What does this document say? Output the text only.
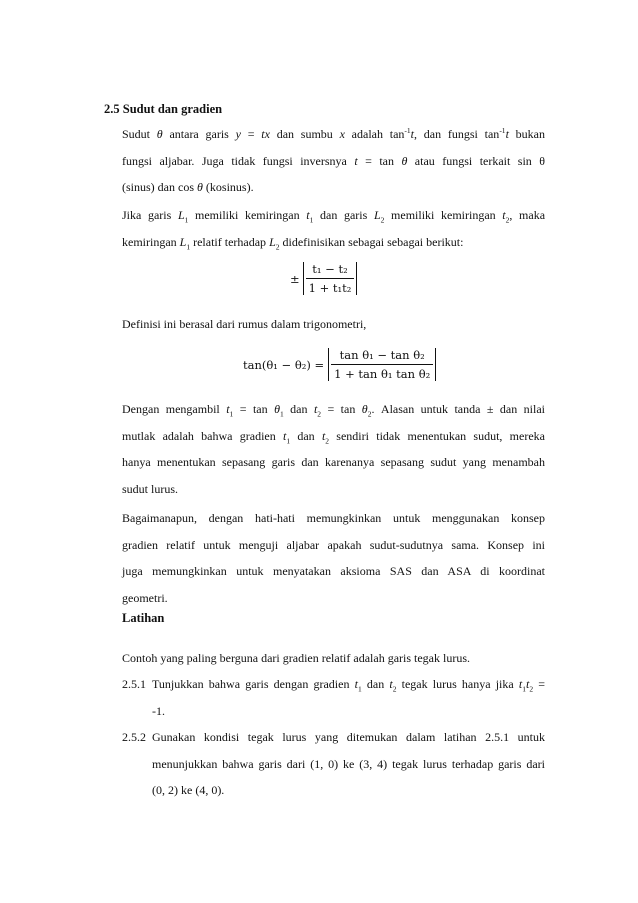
2.5 Sudut dan gradien
Sudut θ antara garis y = tx dan sumbu x adalah $\tan^{-1}t$, dan fungsi $\tan^{-1}t$ bukan
fungsi aljabar. Juga tidak fungsi inversnya t = tan θ atau fungsi terkait sin θ
(sinus) dan cos θ (kosinus).
Jika garis $L_1$ memiliki kemiringan $t_1$ dan garis $L_2$ memiliki kemiringan $t_2$, maka
kemiringan $L_1$ relatif terhadap $L_2$ didefinisikan sebagai sebagai berikut:
± $\frac{\text{t₁ − t₂}}{\text{1 + t₁t₂}}$
Definisi ini berasal dari rumus dalam trigonometri,
$\tan(\theta_1 - \theta_2) = \frac{\text{tan θ₁ − tan θ₂}}{\text{1 + tan θ₁ tan θ₂}}$
Dengan mengambil $t_1 = \tan \theta_1$ dan $t_2 = \tan \theta_2$. Alasan untuk tanda ± dan nilai
mutlak adalah bahwa gradien $t_1$ dan $t_2$ sendiri tidak menentukan sudut, mereka
hanya menentukan sepasang garis dan karenanya sepasang sudut yang menambah
sudut lurus.
Bagaimanapun, dengan hati-hati memungkinkan untuk menggunakan konsep
gradien relatif untuk menguji aljabar apakah sudut-sudutnya sama. Konsep ini
juga memungkinkan untuk menyatakan aksioma SAS dan ASA di koordinat
geometri.
Latihan
Contoh yang paling berguna dari gradien relatif adalah garis tegak lurus.
2.5.1 Tunjukkan bahwa garis dengan gradien $t_1$ dan $t_2$ tegak lurus hanya jika $t_1t_2$ =
-1.
2.5.2 Gunakan kondisi tegak lurus yang ditemukan dalam latihan 2.5.1 untuk
menunjukkan bahwa garis dari (1, 0) ke (3, 4) tegak lurus terhadap garis dari
(0, 2) ke (4, 0).
